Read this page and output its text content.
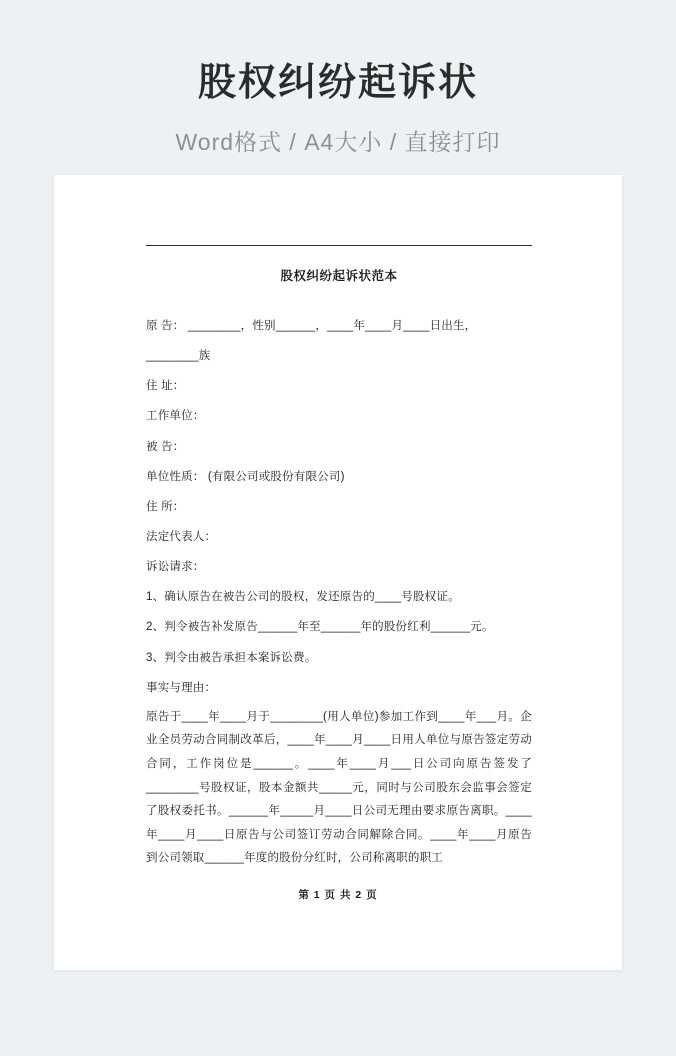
股权纠纷起诉状
Word格式 / A4大小 / 直接打印
股权纠纷起诉状范本
原 告： ________，性别______，____年____月____日出生，
________族
住 址：
工作单位：
被 告：
单位性质： (有限公司或股份有限公司)
住 所：
法定代表人：
诉讼请求：
1、确认原告在被告公司的股权，发还原告的____号股权证。
2、判令被告补发原告______年至______年的股份红利______元。
3、判令由被告承担本案诉讼费。
事实与理由：
原告于____年____月于________(用人单位)参加工作到____年___月。企业全员劳动合同制改革后，____年____月____日用人单位与原告签定劳动合同，工作岗位是______。____年____月___日公司向原告签发了________号股权证，股本金额共_____元，同时与公司股东会监事会签定了股权委托书。______年_____月____日公司无理由要求原告离职。____年____月____日原告与公司签订劳动合同解除合同。____年____月原告到公司领取______年度的股份分红时，公司称离职的职工
第 1 页 共 2 页
